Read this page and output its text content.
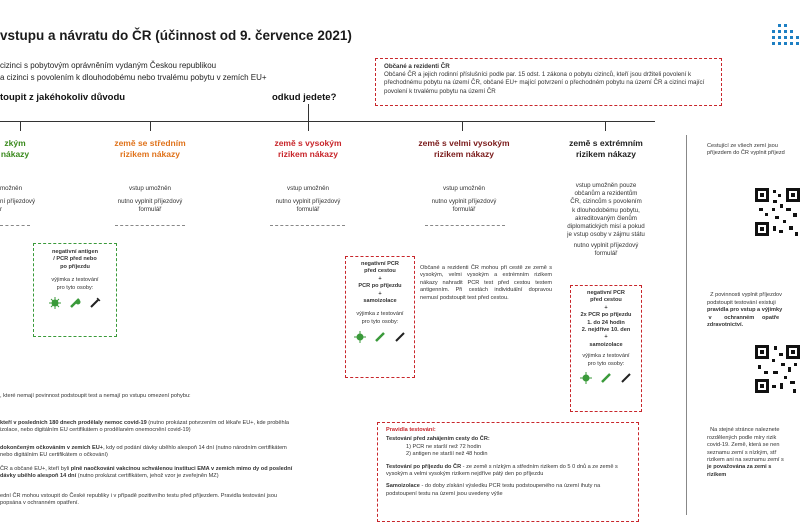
vstupu a návratu do ČR (účinnost od 9. července 2021)
cizinci s pobytovým oprávněním vydaným Českou republikou
a cizinci s povolením k dlouhodobému nebo trvalému pobytu v zemích EU+
toupit z jakéhokoliv důvodu	odkud jedete?
Občané a rezidenti ČR
Občané ČR a jejich rodinní příslušníci podle par. 15 odst. 1 zákona o pobytu cizinců, kteří jsou držiteli povolení k přechodnému pobytu na území ČR, občané EU+ mající potvrzení o přechodném pobytu na území ČR a cizinci mající povolení k trvalému pobytu na území ČR
zkým
nákazy
země se středním
rizikem nákazy
země s vysokým
rizikem nákazy
země s velmi vysokým
rizikem nákazy
země s extrémním
rizikem nákazy
možněn
ní příjezdový
r
vstup umožněn
nutno vyplnit příjezdový
formulář
vstup umožněn
nutno vyplnit příjezdový
formulář
vstup umožněn
nutno vyplnit příjezdový
formulář
vstup umožněn pouze
občanům a rezidentům
ČR, cizincům s povolením
k dlouhodobému pobytu,
akreditovaným členům
diplomatických misí a pokud
je vstup osoby v zájmu státu
nutno vyplnit příjezdový
formulář
negativní antigen
/ PCR před nebo
po příjezdu
výjimka z testování
pro tyto osoby:

negativní PCR
před cestou
+
PCR po příjezdu
+
samoizolace
výjimka z testování
pro tyto osoby:

Občané a rezidenti ČR mohou při cestě ze země s vysokým, velmi vysokým a extrémním rizikem nákazy nahradit PCR test před cestou testem antigenním. Při cestách individuální dopravou nemusí podstoupit test před cestou.
negativní PCR
před cestou
+
2x PCR po příjezdu
1. do 24 hodin
2. nejdříve 10. den
+
samoizolace
výjimka z testování
pro tyto osoby:

, které nemají povinnost podstoupit test a nemají po vstupu omezení pohybu:
kteří v posledních 180 dnech prodělaly nemoc covid-19 (nutno prokázat potvrzením od lékaře EU+, kde proběhla izolace, nebo digitálním EU certifikátem o prodělaném onemocnění covid-19)
dokončeným očkováním v zemích EU+, kdy od podání dávky uběhlo alespoň 14 dní (nutno národním certifikátem nebo digitálním EU certifikátem o očkování)
ČR a občané EU+, kteří byli plně naočkováni vakcínou schválenou instituci EMA v zemích mimo dy od poslední dávky uběhlo alespoň 14 dní (nutno prokázat certifikátem, jehož vzor je zveřejněn MZ)
ední ČR mohou vstoupit do České republiky i v případě pozitivního testu před příjezdem. Pravidla testování jsou popsána v ochranném opatření.
Pravidla testování:
Testování před zahájením cesty do ČR:
1) PCR ne starší než 72 hodin
2) antigen ne starší než 48 hodin
Testování po příjezdu do ČR - ze země s nízkým a středním rizikem do 5 0 dnů a ze země s vysokým a velmi vysokým rizikem nejdříve pátý den po příjezdu
Samoizolace - do doby získání výsledku PCR testu podstoupeného na území ihuty na podstoupení testu na území jsou uvedeny výše
Cestující ze všech zemí jsou
příjezdem do ČR vyplnit příjezd

Z povinnosti vyplnit příjezdov
podstoupit testování existuji
pravidla pro vstup a výjimky
v        ochranném     opatře
zdravotnictví.

Na stejné stránce naleznete
rozdělených podle míry rizik
covid-19. Země, která se nen
seznamu zemí s nízkým, stř
rizikem ani na seznamu zemí s
je považována za zemi s
rizikem
